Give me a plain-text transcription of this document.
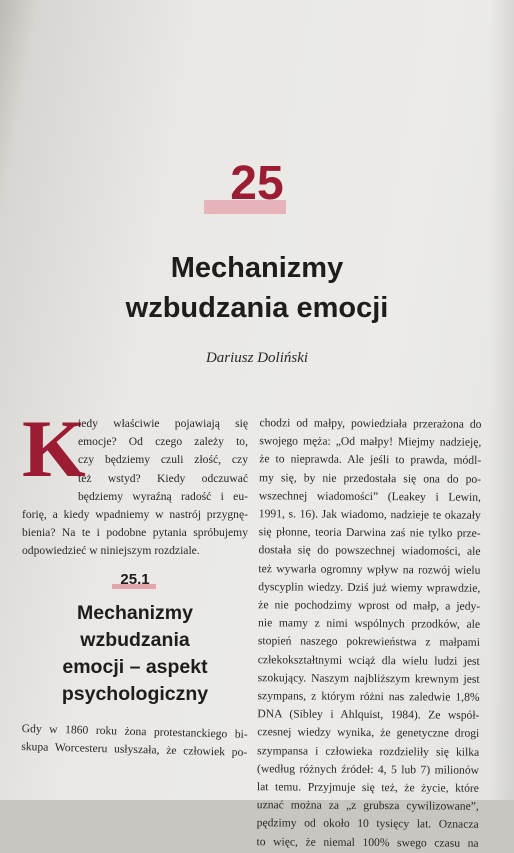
25
Mechanizmy
wzbudzania emocji
Dariusz Doliński
K
iedy właściwie pojawiają się
emocje? Od czego zależy to,
czy będziemy czuli złość, czy
też wstyd? Kiedy odczuwać
będziemy wyraźną radość i eu-
forię, a kiedy wpadniemy w nastrój przygnę-
bienia? Na te i podobne pytania spróbujemy
odpowiedzieć w niniejszym rozdziale.
25.1
Mechanizmy
wzbudzania
emocji – aspekt
psychologiczny
Gdy w 1860 roku żona protestanckiego bi-
skupa Worcesteru usłyszała, że człowiek po-
chodzi od małpy, powiedziała przerażona do
swojego męża: „Od małpy! Miejmy nadzieję,
że to nieprawda. Ale jeśli to prawda, módl-
my się, by nie przedostała się ona do po-
wszechnej wiadomości” (Leakey i Lewin,
1991, s. 16). Jak wiadomo, nadzieje te okazały
się płonne, teoria Darwina zaś nie tylko prze-
dostała się do powszechnej wiadomości, ale
też wywarła ogromny wpływ na rozwój wielu
dyscyplin wiedzy. Dziś już wiemy wprawdzie,
że nie pochodzimy wprost od małp, a jedy-
nie mamy z nimi wspólnych przodków, ale
stopień naszego pokrewieństwa z małpami
człekokształtnymi wciąż dla wielu ludzi jest
szokujący. Naszym najbliższym krewnym jest
szympans, z którym różni nas zaledwie 1,8%
DNA (Sibley i Ahlquist, 1984). Ze współ-
czesnej wiedzy wynika, że genetyczne drogi
szympansa i człowieka rozdzieliły się kilka
(według różnych źródeł: 4, 5 lub 7) milionów
lat temu. Przyjmuje się też, że życie, które
uznać można za „z grubsza cywilizowane”,
pędzimy od około 10 tysięcy lat. Oznacza
to więc, że niemal 100% swego czasu na
